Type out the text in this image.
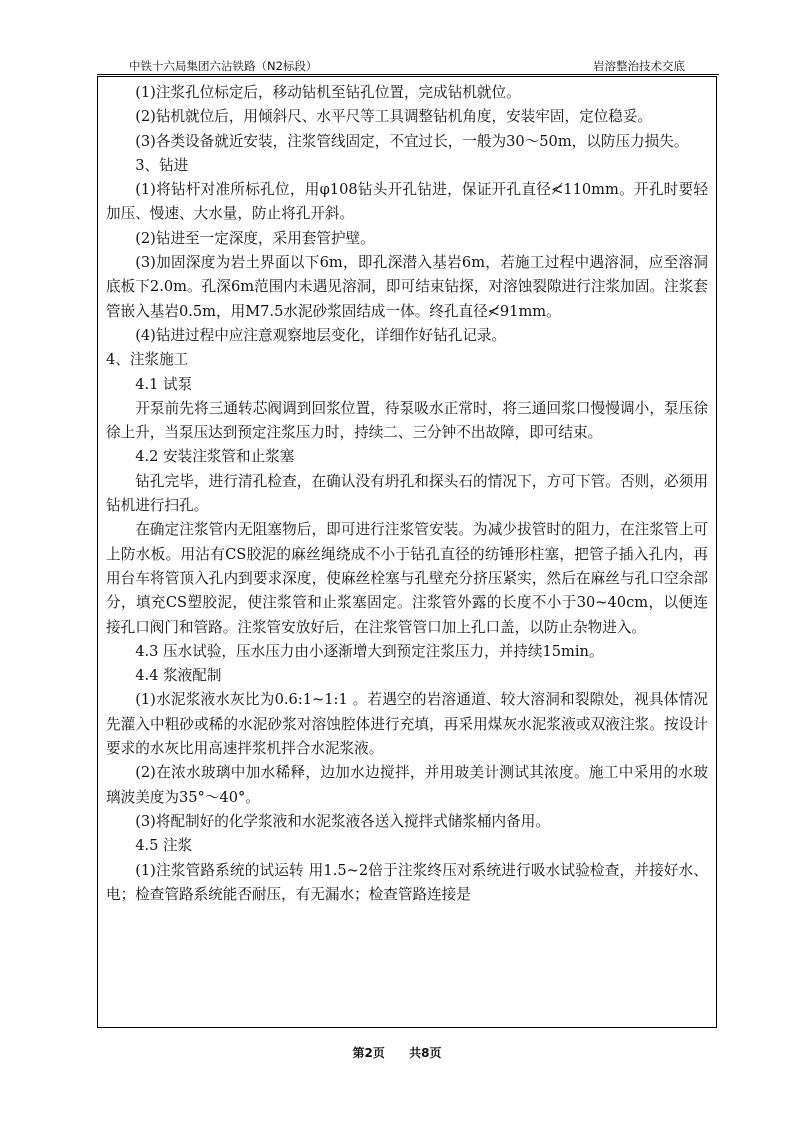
中铁十六局集团六沾铁路（N2标段）	岩溶整治技术交底

(1)注浆孔位标定后，移动钻机至钻孔位置，完成钻机就位。

(2)钻机就位后，用倾斜尺、水平尺等工具调整钻机角度，安装牢固，定位稳妥。

(3)各类设备就近安装，注浆管线固定，不宜过长，一般为30～50m，以防压力损失。

3、钻进

(1)将钻杆对准所标孔位，用φ108钻头开孔钻进，保证开孔直径≮110mm。开孔时要轻加压、慢速、大水量，防止将孔开斜。

(2)钻进至一定深度，采用套管护壁。

(3)加固深度为岩土界面以下6m，即孔深潜入基岩6m，若施工过程中遇溶洞，应至溶洞底板下2.0m。孔深6m范围内未遇见溶洞，即可结束钻探，对溶蚀裂隙进行注浆加固。注浆套管嵌入基岩0.5m，用M7.5水泥砂浆固结成一体。终孔直径≮91mm。

(4)钻进过程中应注意观察地层变化，详细作好钻孔记录。

4、注浆施工

4.1 试泵

开泵前先将三通转芯阀调到回浆位置，待泵吸水正常时，将三通回浆口慢慢调小，泵压徐徐上升，当泵压达到预定注浆压力时，持续二、三分钟不出故障，即可结束。

4.2 安装注浆管和止浆塞

钻孔完毕，进行清孔检查，在确认没有坍孔和探头石的情况下，方可下管。否则，必须用钻机进行扫孔。

在确定注浆管内无阻塞物后，即可进行注浆管安装。为减少拔管时的阻力，在注浆管上可上防水板。用沾有CS胶泥的麻丝绳绕成不小于钻孔直径的纺锤形柱塞，把管子插入孔内，再用台车将管顶入孔内到要求深度，使麻丝栓塞与孔壁充分挤压紧实，然后在麻丝与孔口空余部分，填充CS塑胶泥，使注浆管和止浆塞固定。注浆管外露的长度不小于30~40cm，以便连接孔口阀门和管路。注浆管安放好后，在注浆管管口加上孔口盖，以防止杂物进入。

4.3 压水试验，压水压力由小逐渐增大到预定注浆压力，并持续15min。

4.4 浆液配制

(1)水泥浆液水灰比为0.6:1~1:1 。若遇空的岩溶通道、较大溶洞和裂隙处，视具体情况先灌入中粗砂或稀的水泥砂浆对溶蚀腔体进行充填，再采用煤灰水泥浆液或双液注浆。按设计要求的水灰比用高速拌浆机拌合水泥浆液。

(2)在浓水玻璃中加水稀释，边加水边搅拌，并用玻美计测试其浓度。施工中采用的水玻璃波美度为35°～40°。

(3)将配制好的化学浆液和水泥浆液各送入搅拌式储浆桶内备用。

4.5 注浆

(1)注浆管路系统的试运转 用1.5~2倍于注浆终压对系统进行吸水试验检查，并接好水、电；检查管路系统能否耐压，有无漏水；检查管路连接是

第2页 共8页
